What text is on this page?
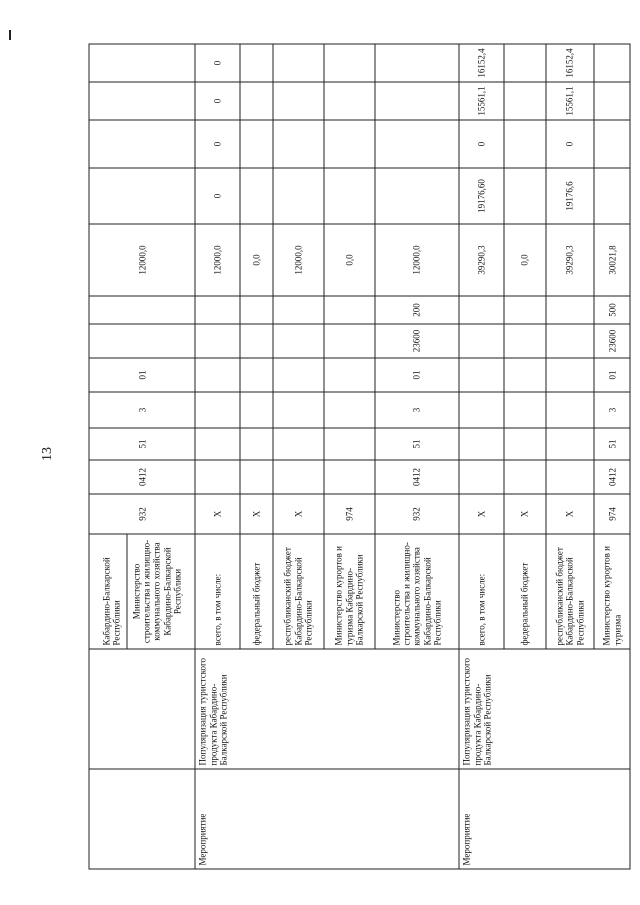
13

		Кабардино-Балкарской Республики
Министерство строительства и жилищно-коммунального хозяйства Кабардино-Балкарской Республики	932	0412	51	3	01			12000,0				
Мероприятие	Популяризация туристского продукта Кабардино-Балкарской Республики	всего, в том числе:	X							12000,0	0	0	0	0
		федеральный бюджет	X							0,0				
		республиканский бюджет Кабардино-Балкарской Республики	X							12000,0				
		Министерство курортов и туризма Кабардино-Балкарской Республики	974							0,0				
		Министерство строительства и жилищно-коммунального хозяйства Кабардино-Балкарской Республики	932	0412	51	3	01	23600	200	12000,0				
Мероприятие	Популяризация туристского продукта Кабардино-Балкарской Республики	всего, в том числе:	X							39290,3	19176,60	0	15561,1	16152,4
		федеральный бюджет	X							0,0				
		республиканский бюджет Кабардино-Балкарской Республики	X							39290,3	19176,6	0	15561,1	16152,4
		Министерство курортов и туризма	974	0412	51	3	01	23600	500	30021,8				
